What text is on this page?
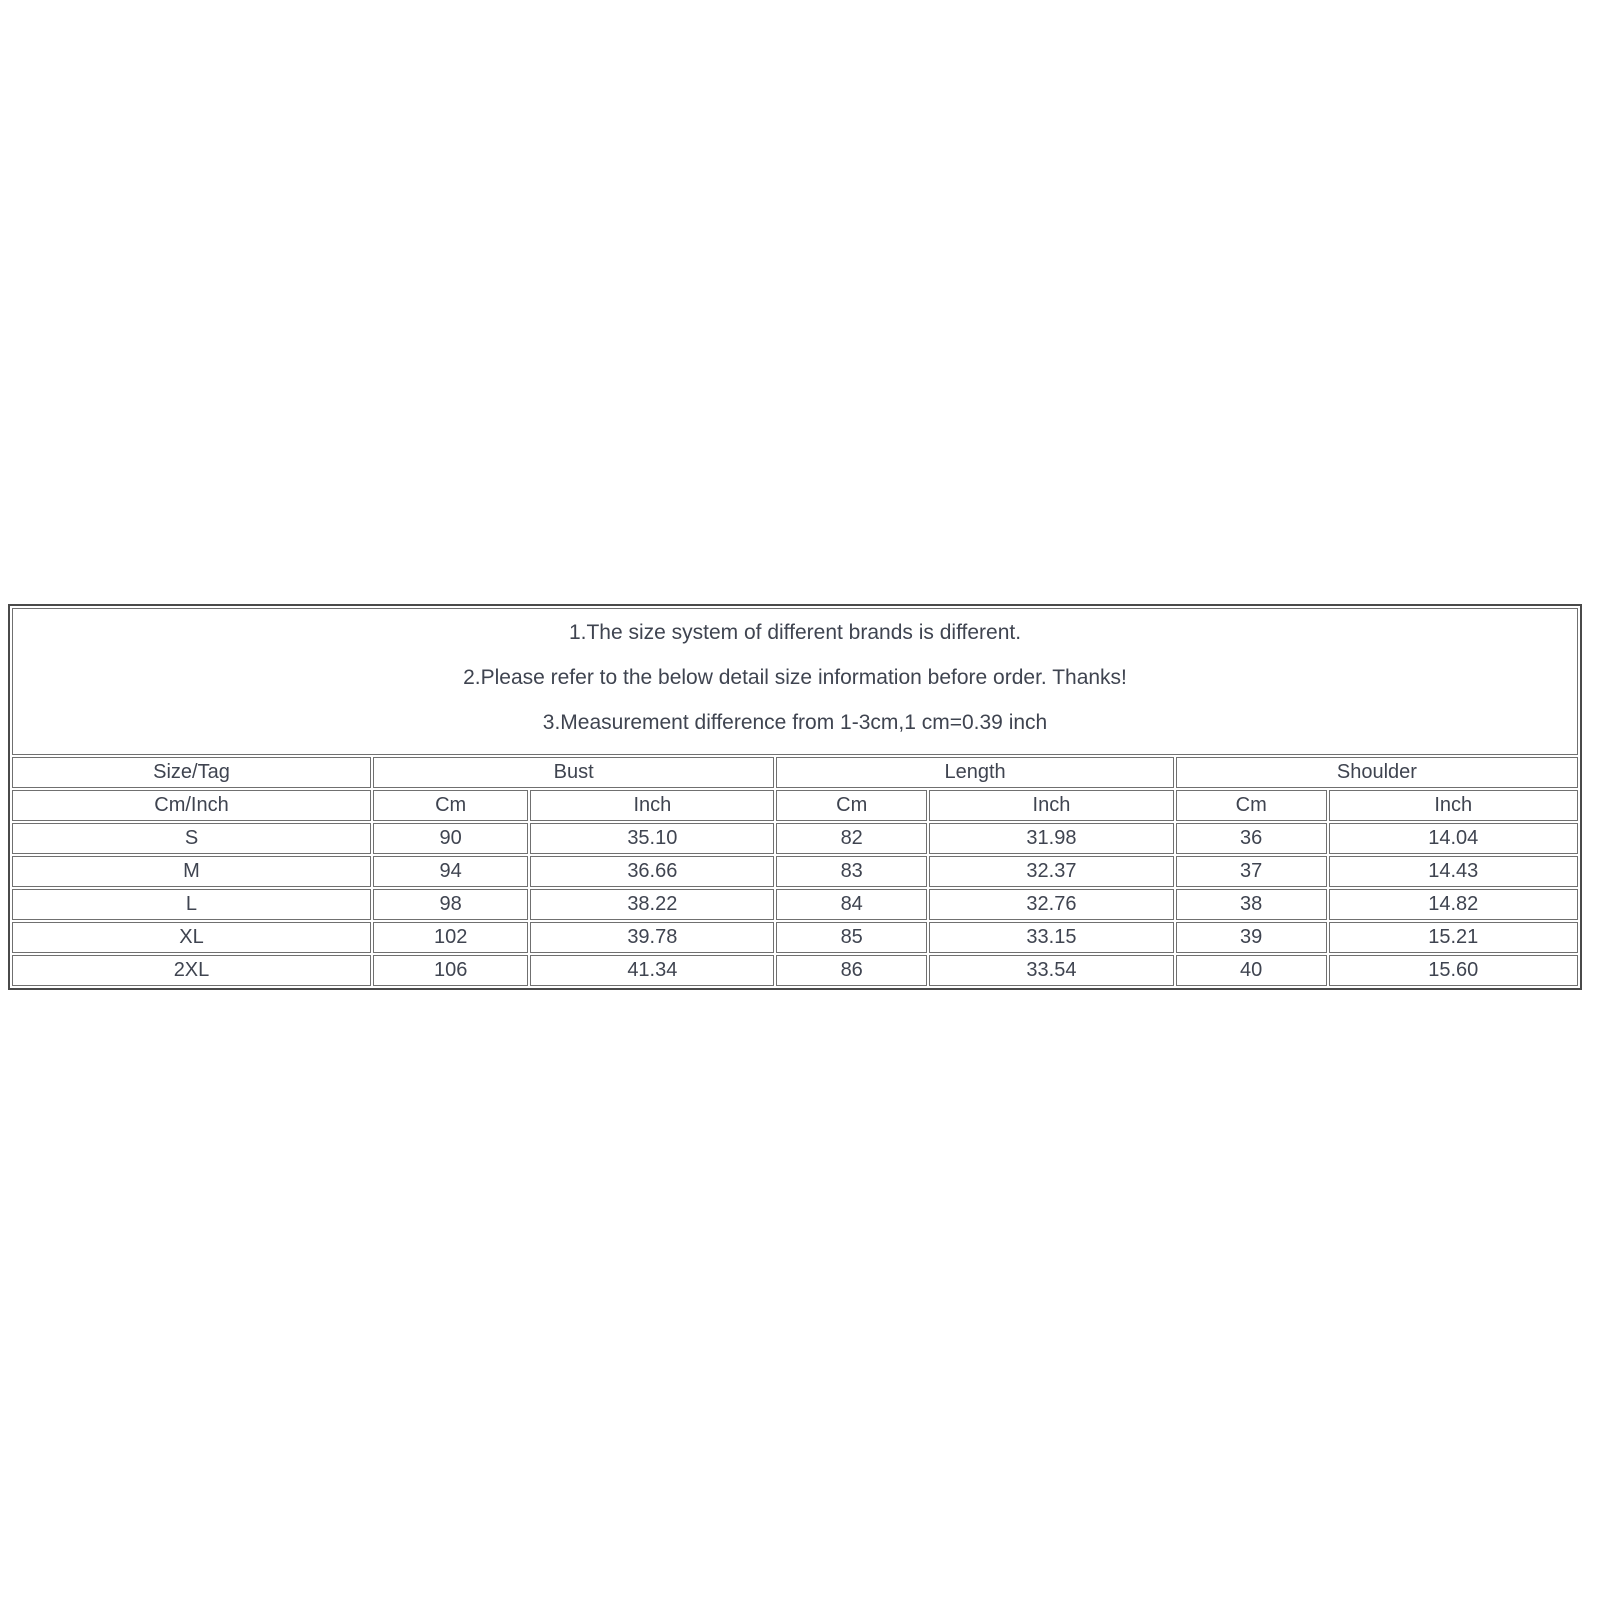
1.The size system of different brands is different.
2.Please refer to the below detail size information before order. Thanks!
3.Measurement difference from 1-3cm,1 cm=0.39 inch						

Size/Tag	Bust		Length		Shoulder	
Cm/Inch	Cm	Inch	Cm	Inch	Cm	Inch
S	90	35.10	82	31.98	36	14.04
M	94	36.66	83	32.37	37	14.43
L	98	38.22	84	32.76	38	14.82
XL	102	39.78	85	33.15	39	15.21
2XL	106	41.34	86	33.54	40	15.60
